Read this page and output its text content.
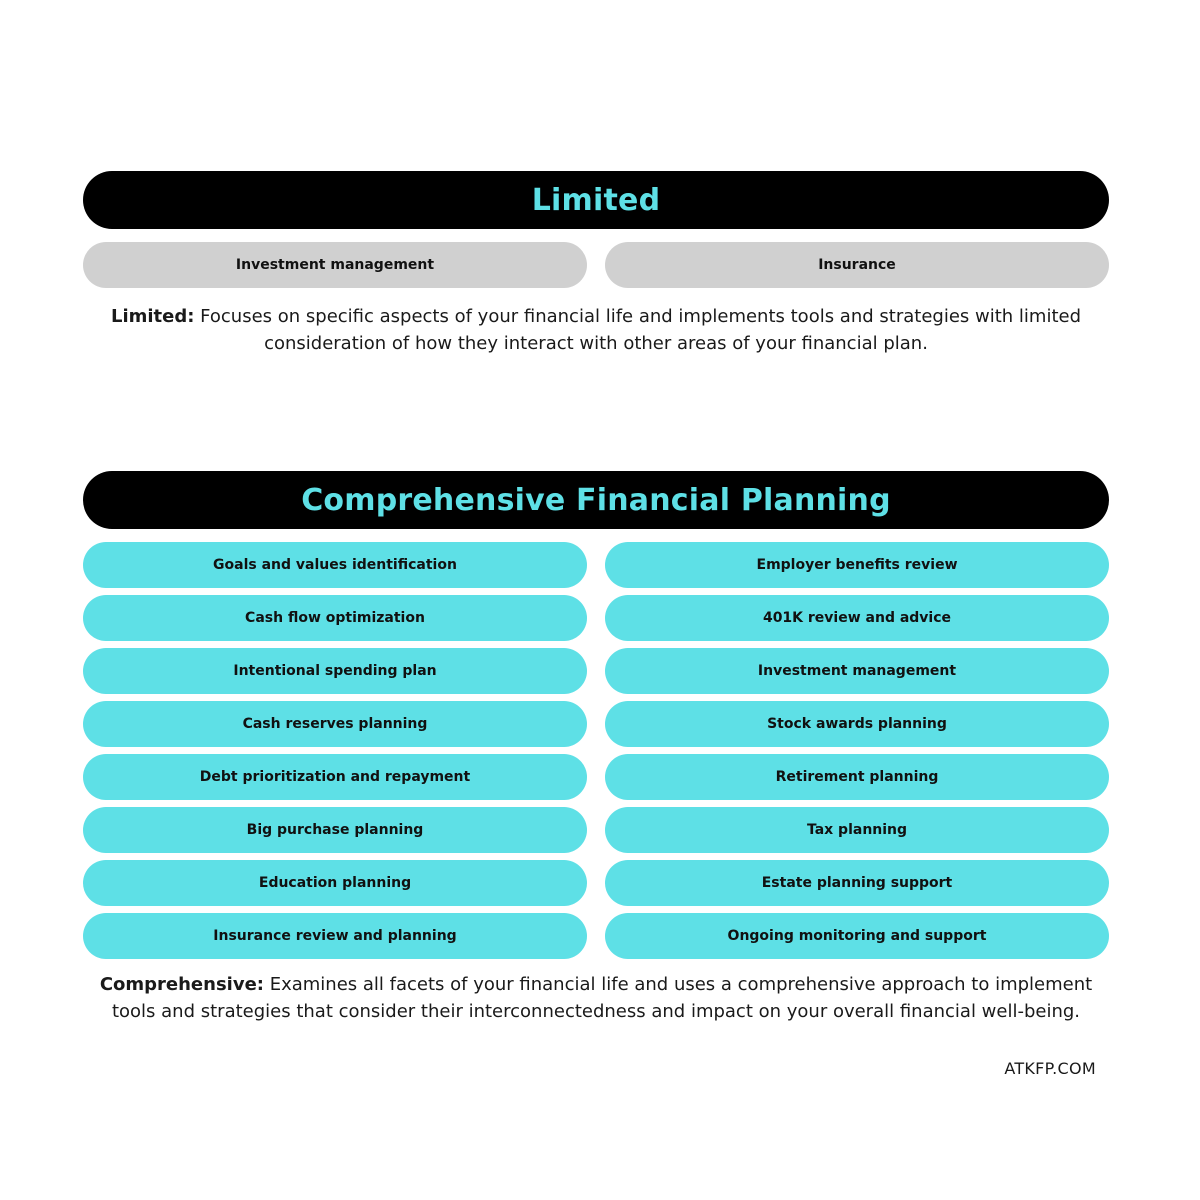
Limited
Investment management	Insurance
Limited: Focuses on specific aspects of your financial life and implements tools and strategies with limited consideration of how they interact with other areas of your financial plan.
Comprehensive Financial Planning
Goals and values identification	Employer benefits review
Cash flow optimization	401K review and advice
Intentional spending plan	Investment management
Cash reserves planning	Stock awards planning
Debt prioritization and repayment	Retirement planning
Big purchase planning	Tax planning
Education planning	Estate planning support
Insurance review and planning	Ongoing monitoring and support
Comprehensive: Examines all facets of your financial life and uses a comprehensive approach to implement tools and strategies that consider their interconnectedness and impact on your overall financial well-being.
ATKFP.COM
